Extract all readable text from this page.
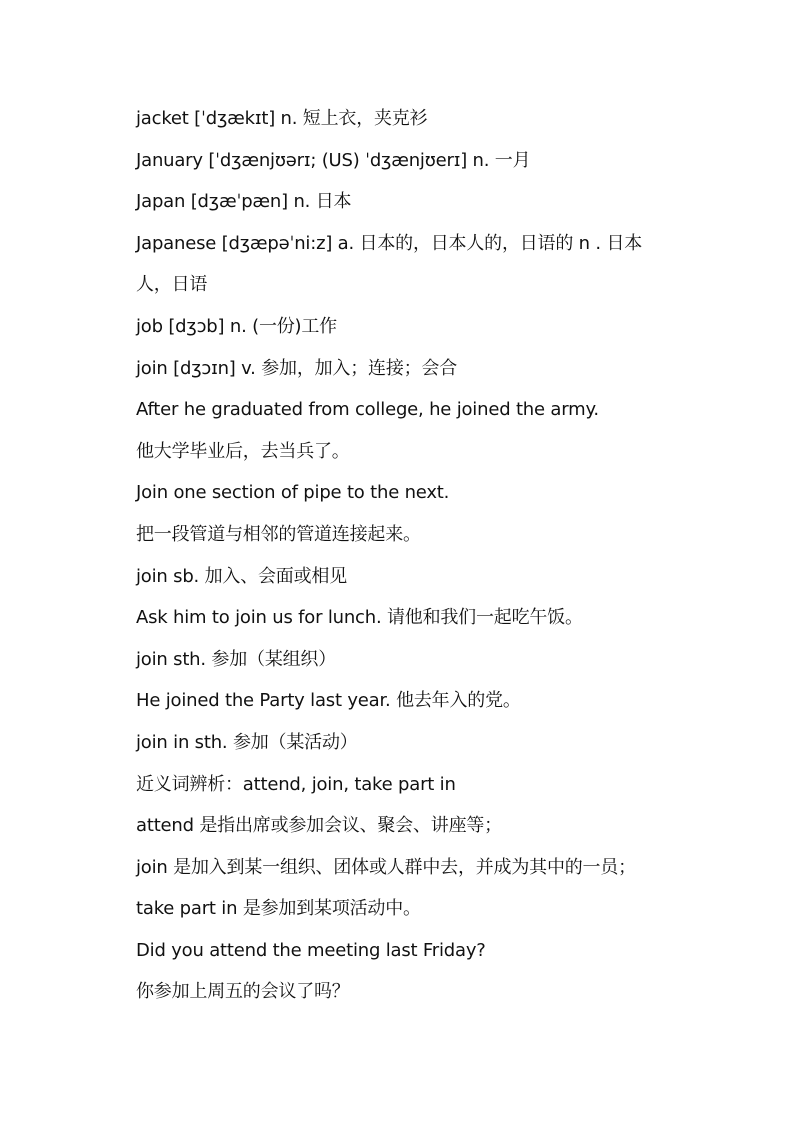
jacket [ˈdʒækɪt] n. 短上衣，夹克衫
January [ˈdʒænjʊərɪ; (US) ˈdʒænjʊerɪ] n. 一月
Japan [dʒæˈpæn] n. 日本
Japanese [dʒæpəˈni:z] a. 日本的，日本人的，日语的 n . 日本
人，日语
job [dʒɔb] n. (一份)工作
join [dʒɔɪn] v. 参加，加入；连接；会合
After he graduated from college, he joined the army.
他大学毕业后，去当兵了。
Join one section of pipe to the next.
把一段管道与相邻的管道连接起来。
join sb. 加入、会面或相见
Ask him to join us for lunch. 请他和我们一起吃午饭。
join sth. 参加（某组织）
He joined the Party last year. 他去年入的党。
join in sth. 参加（某活动）
近义词辨析：attend, join, take part in
attend 是指出席或参加会议、聚会、讲座等；
join 是加入到某一组织、团体或人群中去，并成为其中的一员；
take part in 是参加到某项活动中。
Did you attend the meeting last Friday?
你参加上周五的会议了吗？
